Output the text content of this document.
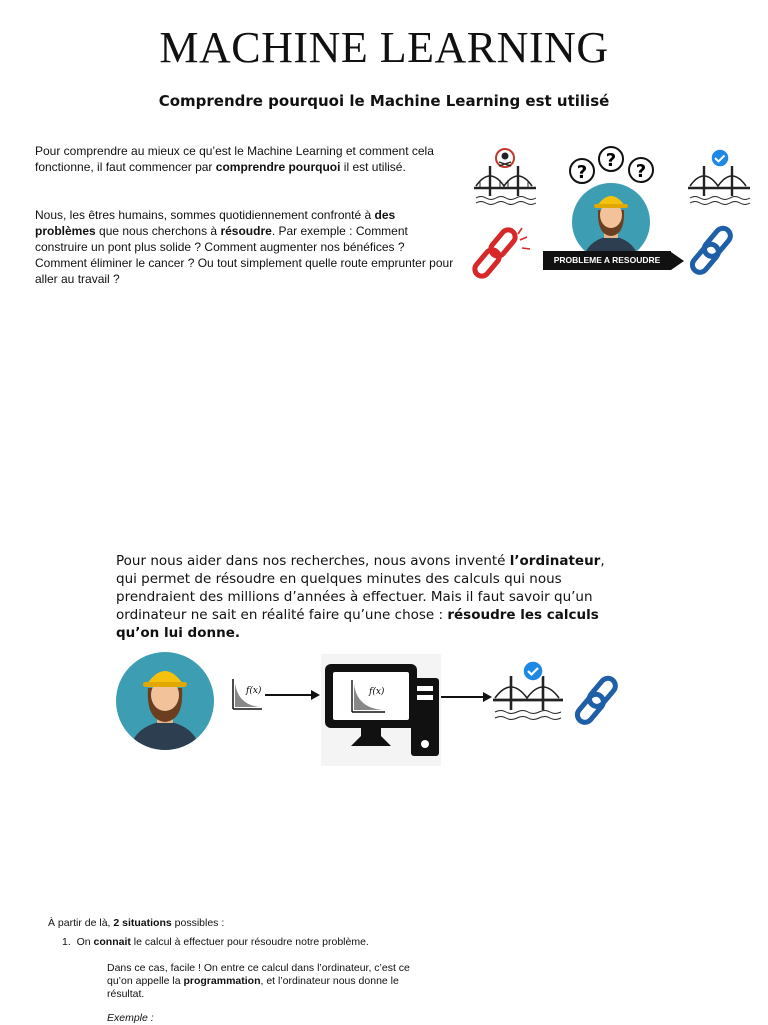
MACHINE LEARNING
Comprendre pourquoi le Machine Learning est utilisé
Pour comprendre au mieux ce qu’est le Machine Learning et comment cela fonctionne, il faut commencer par comprendre pourquoi il est utilisé.
Nous, les êtres humains, sommes quotidiennement confronté à des problèmes que nous cherchons à résoudre. Par exemple : Comment construire un pont plus solide ? Comment augmenter nos bénéfices ? Comment éliminer le cancer ? Ou tout simplement quelle route emprunter pour aller au travail ?
?
?
?
PROBLEME A RESOUDRE
Pour nous aider dans nos recherches, nous avons inventé l’ordinateur, qui permet de résoudre en quelques minutes des calculs qui nous prendraient des millions d’années à effectuer. Mais il faut savoir qu’un ordinateur ne sait en réalité faire qu’une chose : résoudre les calculs qu’on lui donne.
f(x)	f(x)
À partir de là, 2 situations possibles :
1. On connait le calcul à effectuer pour résoudre notre problème.
Dans ce cas, facile ! On entre ce calcul dans l’ordinateur, c’est ce qu’on appelle la programmation, et l’ordinateur nous donne le résultat.
Exemple :
